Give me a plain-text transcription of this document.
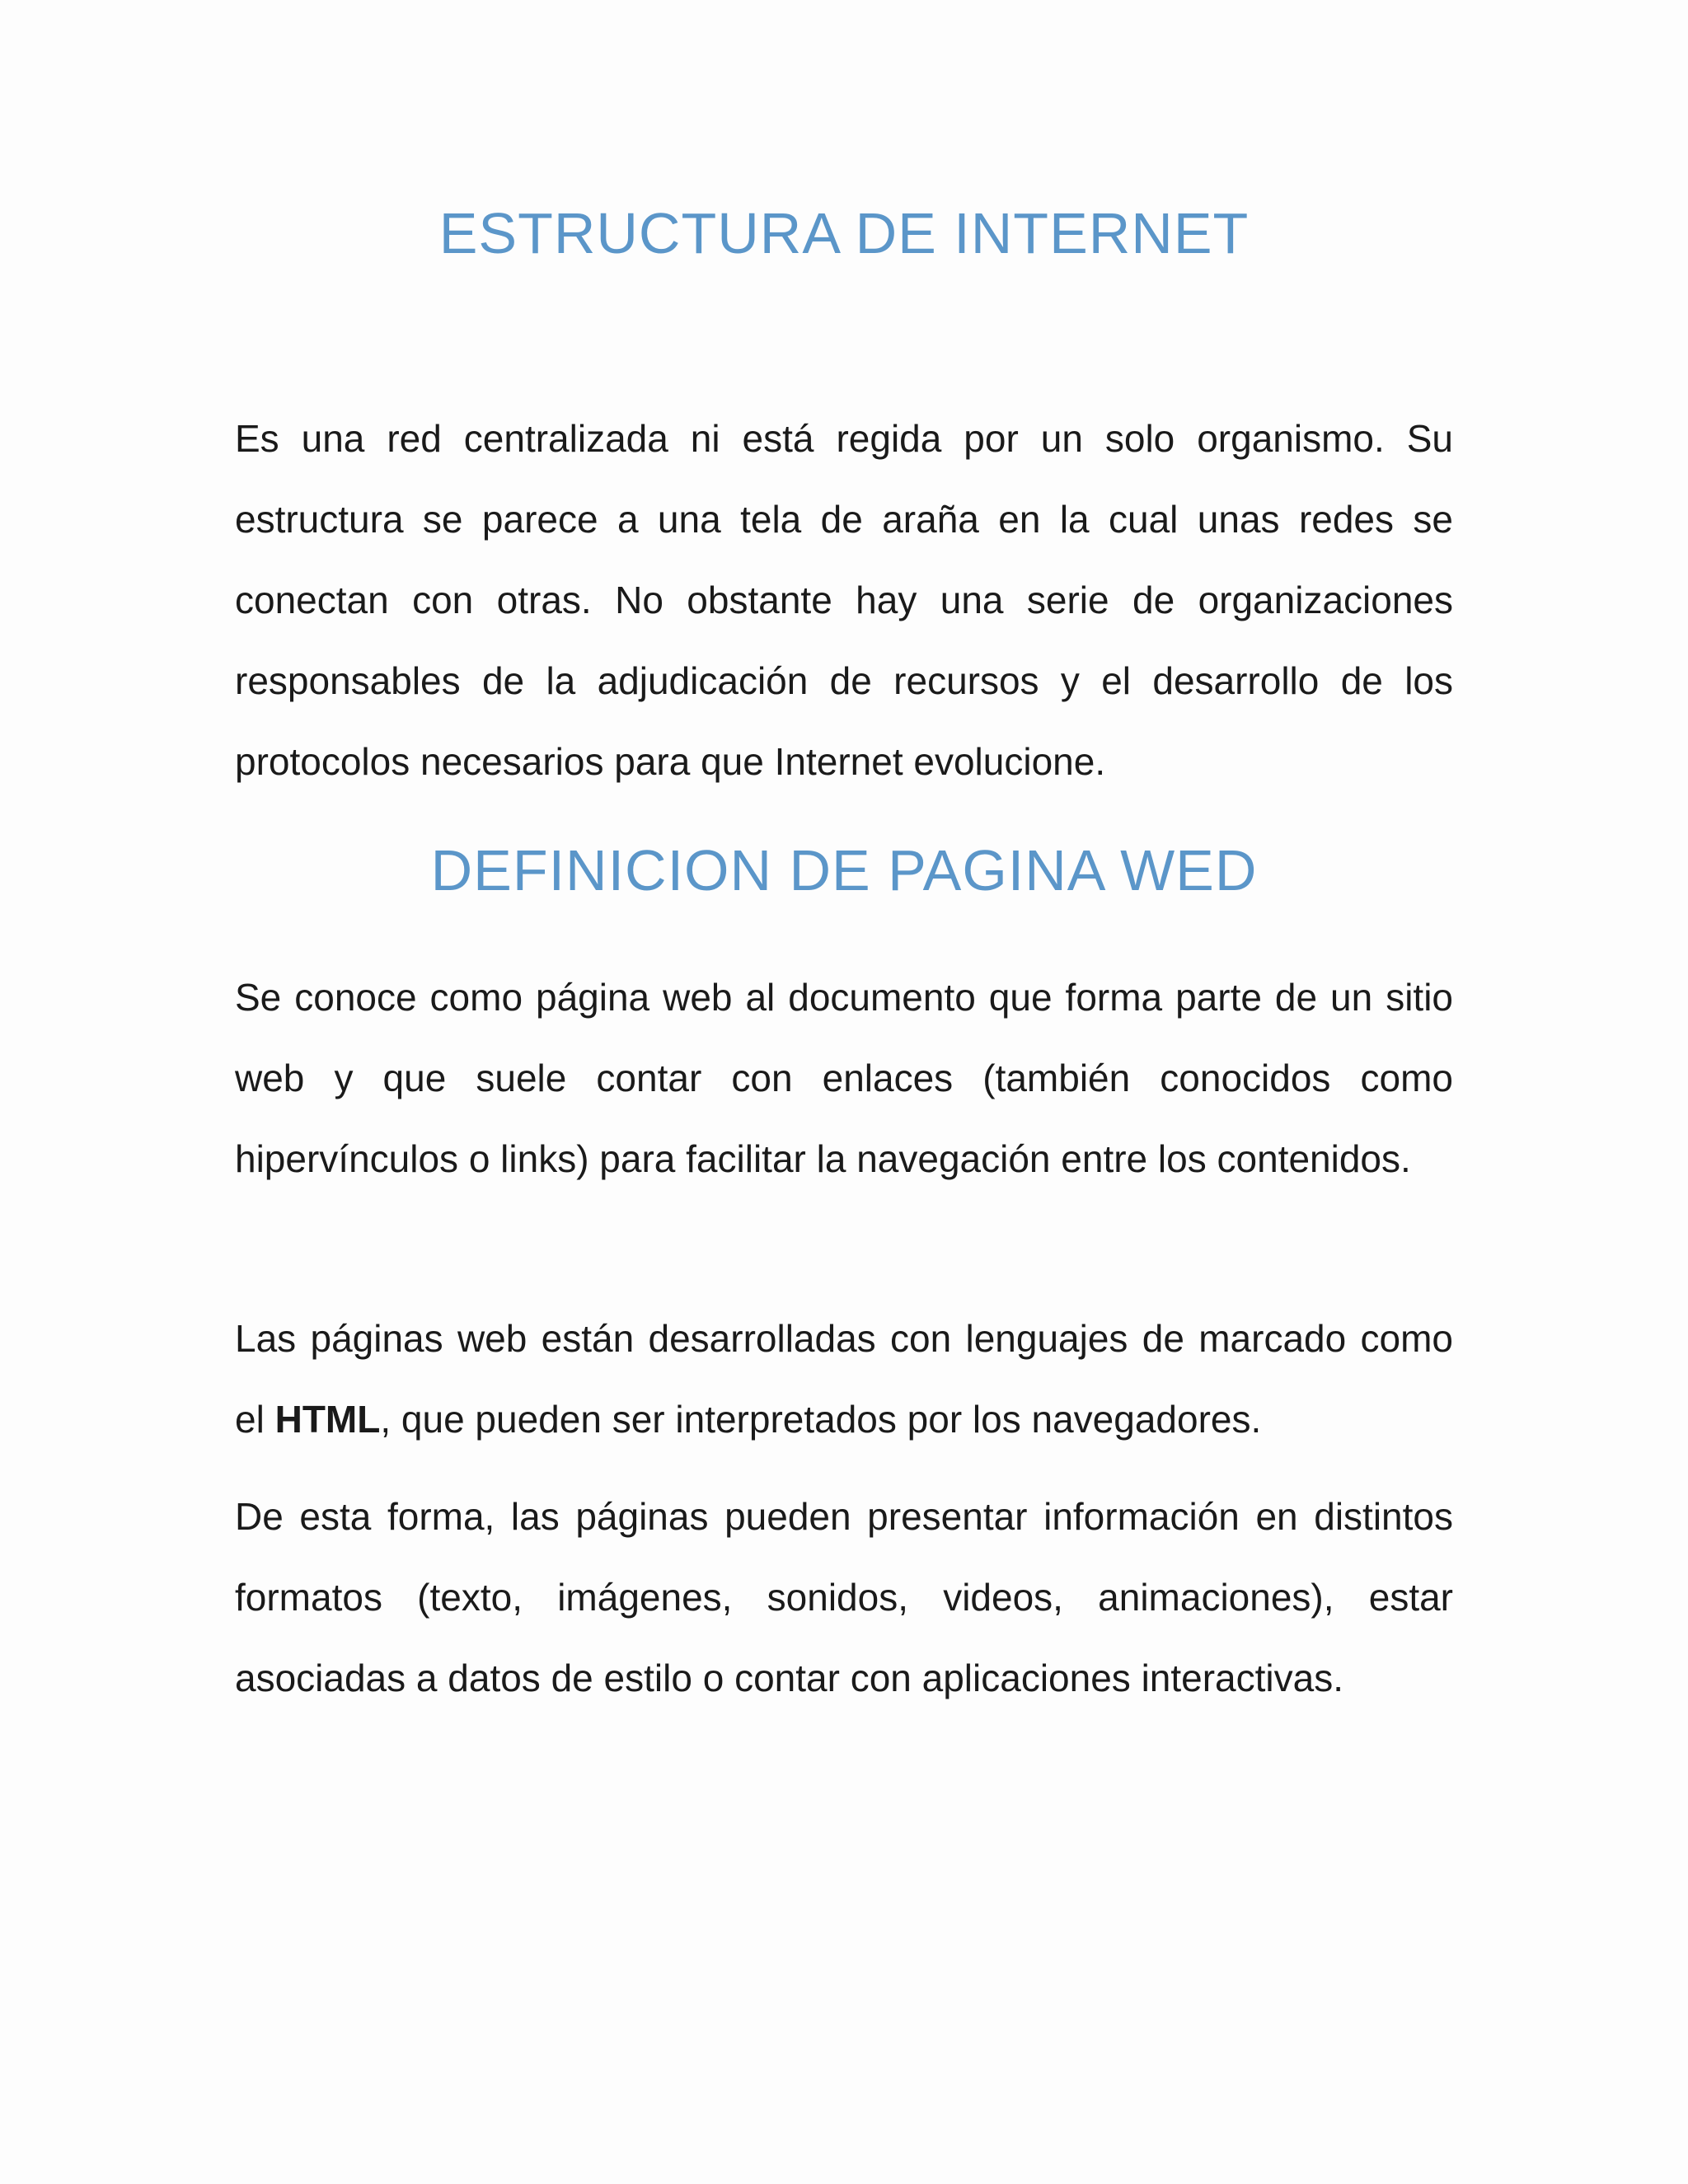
ESTRUCTURA DE INTERNET

Es una red centralizada ni está regida por un solo organismo. Su estructura se parece a una tela de araña en la cual unas redes se conectan con otras. No obstante hay una serie de organizaciones responsables de la adjudicación de recursos y el desarrollo de los protocolos necesarios para que Internet evolucione.

DEFINICION DE PAGINA WED

Se conoce como página web al documento que forma parte de un sitio web y que suele contar con enlaces (también conocidos como hipervínculos o links) para facilitar la navegación entre los contenidos.

Las páginas web están desarrolladas con lenguajes de marcado como el HTML, que pueden ser interpretados por los navegadores.

De esta forma, las páginas pueden presentar información en distintos formatos (texto, imágenes, sonidos, videos, animaciones), estar asociadas a datos de estilo o contar con aplicaciones interactivas.
